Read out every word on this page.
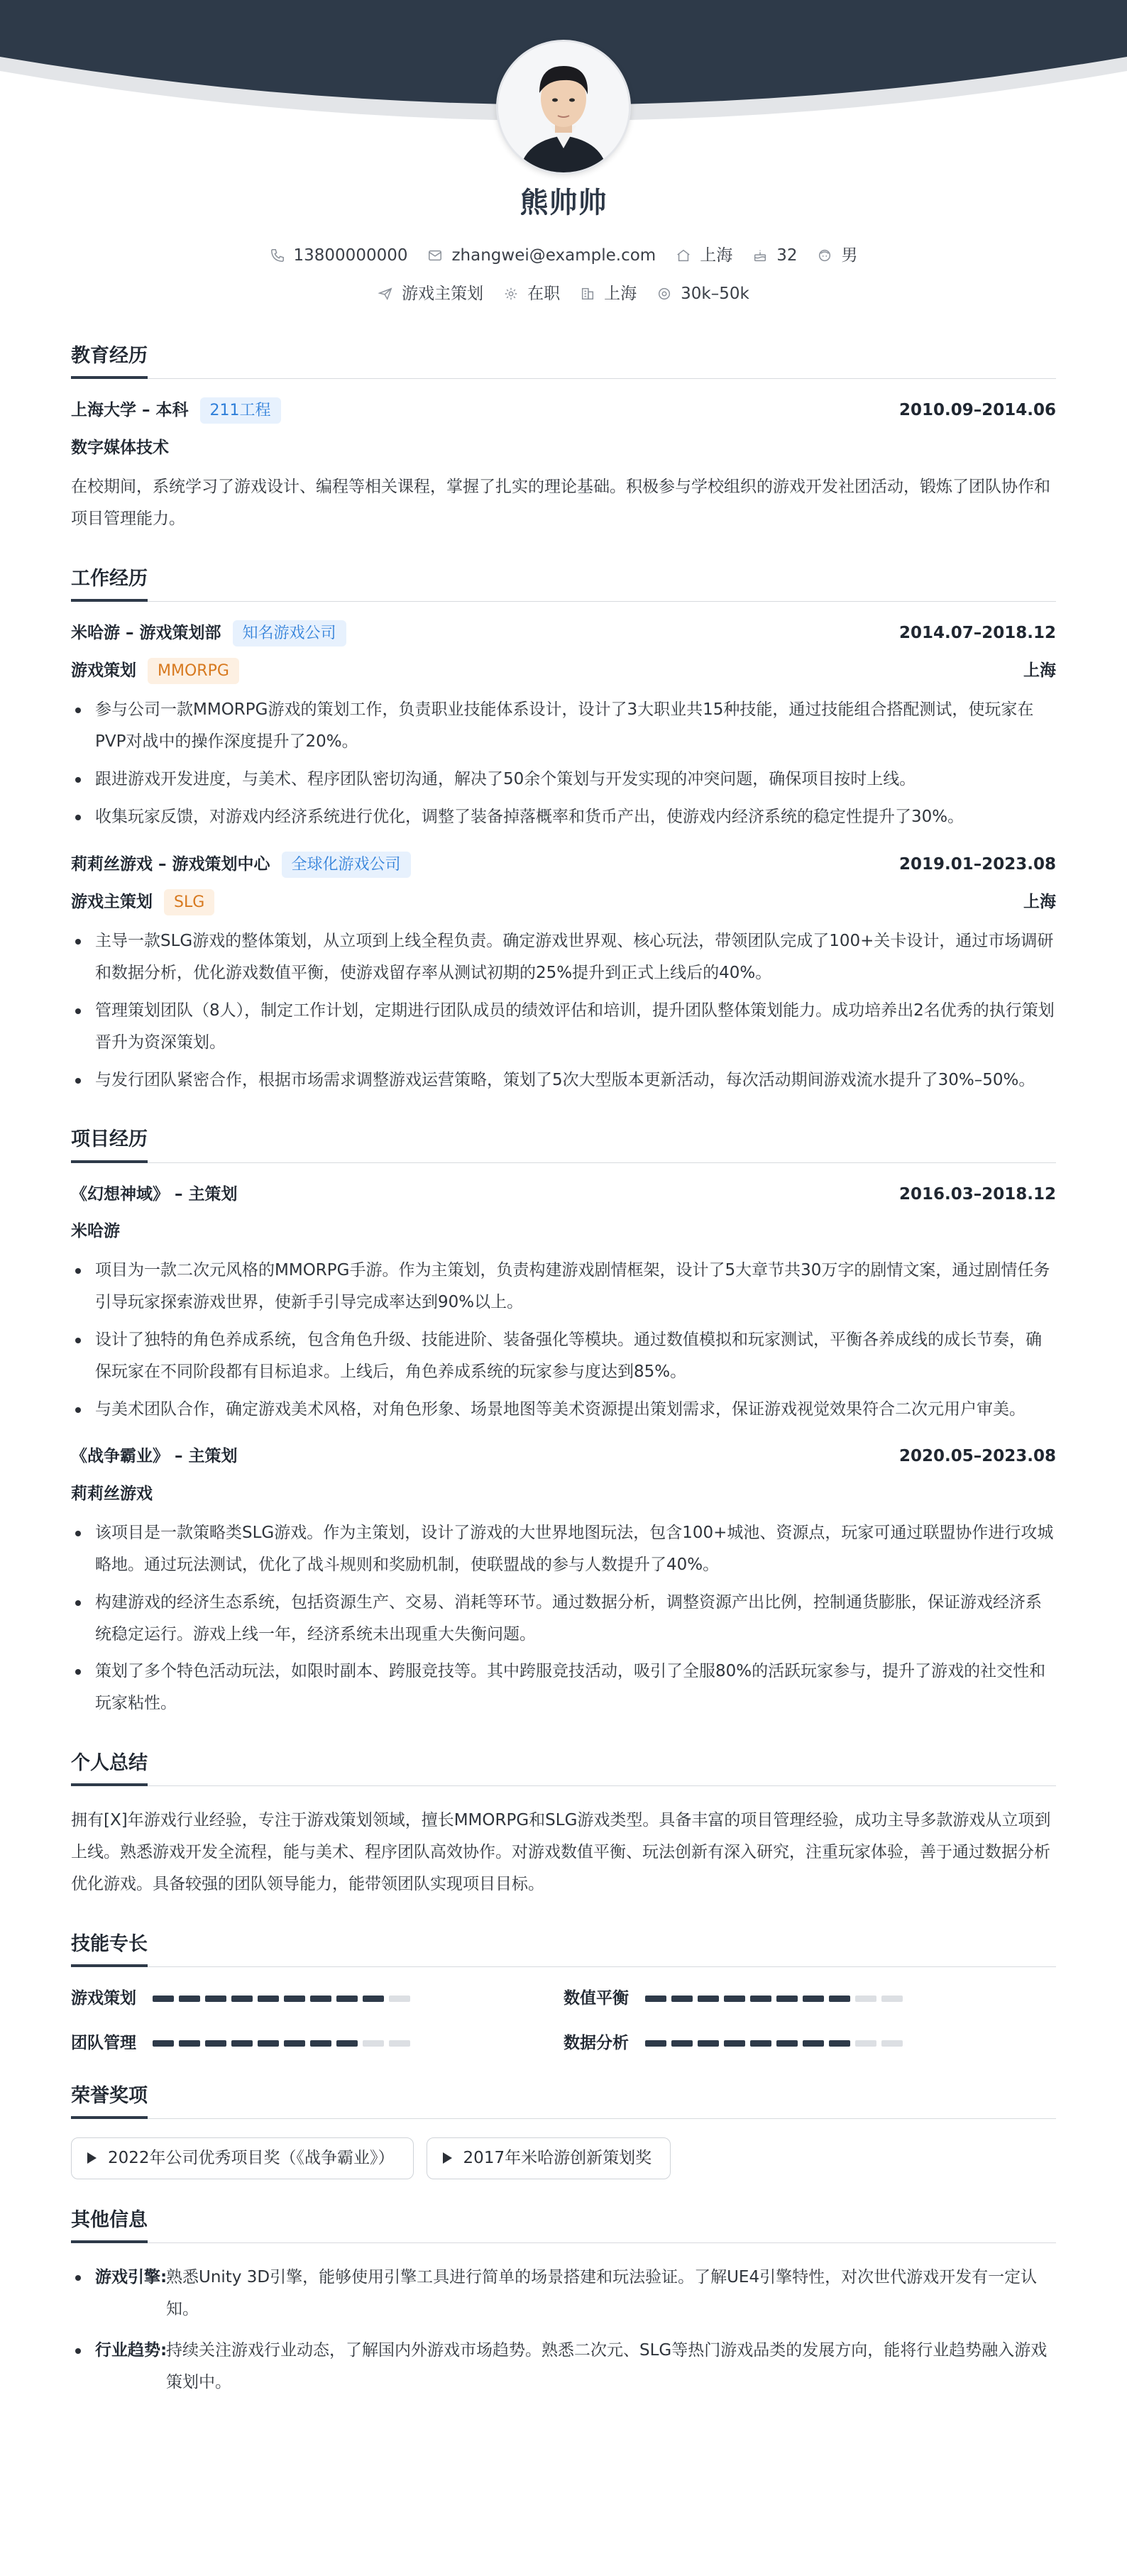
熊帅帅
13800000000	zhangwei@example.com	上海	32	男
游戏主策划	在职	上海	30k–50k
教育经历
上海大学 – 本科	211工程	2010.09–2014.06
数字媒体技术
在校期间，系统学习了游戏设计、编程等相关课程，掌握了扎实的理论基础。积极参与学校组织的游戏开发社团活动，锻炼了团队协作和项目管理能力。
工作经历
米哈游 – 游戏策划部	知名游戏公司	2014.07–2018.12
游戏策划	MMORPG	上海
参与公司一款MMORPG游戏的策划工作，负责职业技能体系设计，设计了3大职业共15种技能，通过技能组合搭配测试，使玩家在PVP对战中的操作深度提升了20%。
跟进游戏开发进度，与美术、程序团队密切沟通，解决了50余个策划与开发实现的冲突问题，确保项目按时上线。
收集玩家反馈，对游戏内经济系统进行优化，调整了装备掉落概率和货币产出，使游戏内经济系统的稳定性提升了30%。
莉莉丝游戏 – 游戏策划中心	全球化游戏公司	2019.01–2023.08
游戏主策划	SLG	上海
主导一款SLG游戏的整体策划，从立项到上线全程负责。确定游戏世界观、核心玩法，带领团队完成了100+关卡设计，通过市场调研和数据分析，优化游戏数值平衡，使游戏留存率从测试初期的25%提升到正式上线后的40%。
管理策划团队（8人），制定工作计划，定期进行团队成员的绩效评估和培训，提升团队整体策划能力。成功培养出2名优秀的执行策划晋升为资深策划。
与发行团队紧密合作，根据市场需求调整游戏运营策略，策划了5次大型版本更新活动，每次活动期间游戏流水提升了30%–50%。
项目经历
《幻想神域》 – 主策划	2016.03–2018.12
米哈游
项目为一款二次元风格的MMORPG手游。作为主策划，负责构建游戏剧情框架，设计了5大章节共30万字的剧情文案，通过剧情任务引导玩家探索游戏世界，使新手引导完成率达到90%以上。
设计了独特的角色养成系统，包含角色升级、技能进阶、装备强化等模块。通过数值模拟和玩家测试，平衡各养成线的成长节奏，确保玩家在不同阶段都有目标追求。上线后，角色养成系统的玩家参与度达到85%。
与美术团队合作，确定游戏美术风格，对角色形象、场景地图等美术资源提出策划需求，保证游戏视觉效果符合二次元用户审美。
《战争霸业》 – 主策划	2020.05–2023.08
莉莉丝游戏
该项目是一款策略类SLG游戏。作为主策划，设计了游戏的大世界地图玩法，包含100+城池、资源点，玩家可通过联盟协作进行攻城略地。通过玩法测试，优化了战斗规则和奖励机制，使联盟战的参与人数提升了40%。
构建游戏的经济生态系统，包括资源生产、交易、消耗等环节。通过数据分析，调整资源产出比例，控制通货膨胀，保证游戏经济系统稳定运行。游戏上线一年，经济系统未出现重大失衡问题。
策划了多个特色活动玩法，如限时副本、跨服竞技等。其中跨服竞技活动，吸引了全服80%的活跃玩家参与，提升了游戏的社交性和玩家粘性。
个人总结
拥有[X]年游戏行业经验，专注于游戏策划领域，擅长MMORPG和SLG游戏类型。具备丰富的项目管理经验，成功主导多款游戏从立项到上线。熟悉游戏开发全流程，能与美术、程序团队高效协作。对游戏数值平衡、玩法创新有深入研究，注重玩家体验，善于通过数据分析优化游戏。具备较强的团队领导能力，能带领团队实现项目目标。
技能专长
游戏策划	数值平衡
团队管理	数据分析
荣誉奖项
2022年公司优秀项目奖（《战争霸业》）	2017年米哈游创新策划奖
其他信息
游戏引擎:
熟悉Unity 3D引擎，能够使用引擎工具进行简单的场景搭建和玩法验证。了解UE4引擎特性，对次世代游戏开发有一定认知。
行业趋势:
持续关注游戏行业动态，了解国内外游戏市场趋势。熟悉二次元、SLG等热门游戏品类的发展方向，能将行业趋势融入游戏策划中。
